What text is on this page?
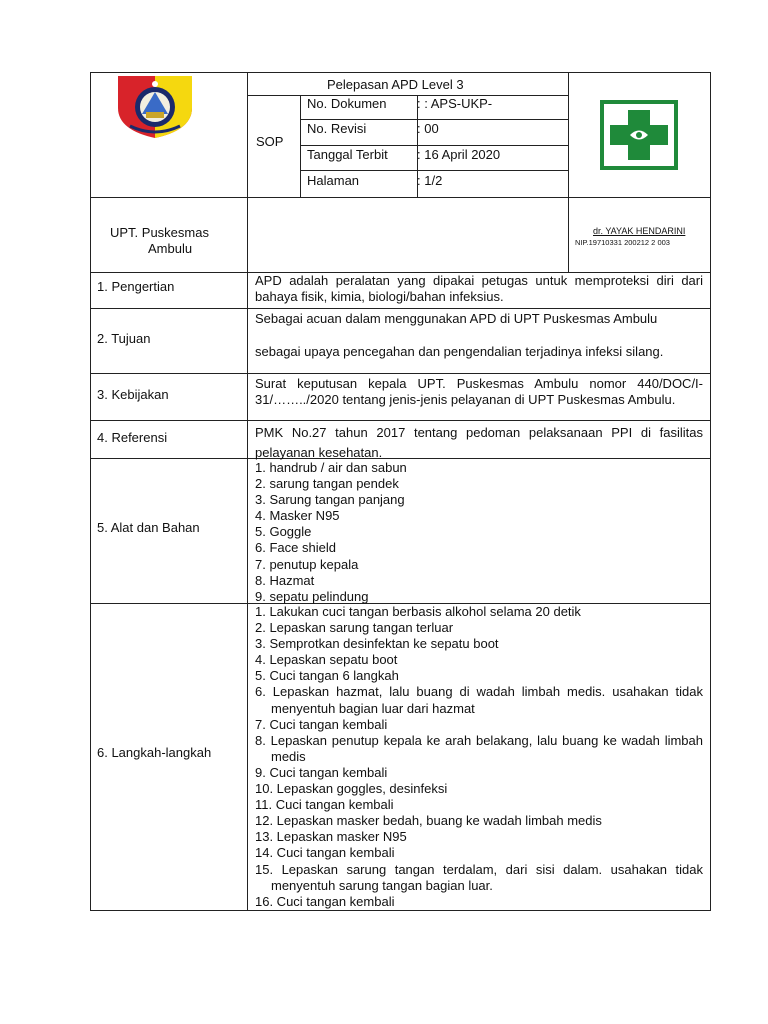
Pelepasan APD Level 3
SOP
No. Dokumen : : APS-UKP-
No. Revisi	: 00
Tanggal Terbit : 16 April 2020
Halaman	: 1/2
UPT. Puskesmas
Ambulu
dr. YAYAK HENDARINI
NIP.19710331 200212 2 003
1. Pengertian
2. Tujuan
3. Kebijakan
4. Referensi
5. Alat dan Bahan
6. Langkah-langkah
APD adalah peralatan yang dipakai petugas untuk memproteksi diri dari bahaya fisik, kimia, biologi/bahan infeksius.
Sebagai acuan dalam menggunakan APD di UPT Puskesmas Ambulu
sebagai upaya pencegahan dan pengendalian terjadinya infeksi silang.
Surat keputusan kepala UPT. Puskesmas Ambulu nomor 440/DOC/I-31/……../2020 tentang jenis-jenis pelayanan di UPT Puskesmas Ambulu.
PMK No.27 tahun 2017 tentang pedoman pelaksanaan PPI di fasilitas pelayanan kesehatan.
1. handrub / air dan sabun
2. sarung tangan pendek
3. Sarung tangan panjang
4. Masker N95
5. Goggle
6. Face shield
7. penutup kepala
8. Hazmat
9. sepatu pelindung
1. Lakukan cuci tangan berbasis alkohol selama 20 detik
2. Lepaskan sarung tangan terluar
3. Semprotkan desinfektan ke sepatu boot
4. Lepaskan sepatu boot
5. Cuci tangan 6 langkah
6. Lepaskan hazmat, lalu buang di wadah limbah medis. usahakan tidak menyentuh bagian luar dari hazmat
7. Cuci tangan kembali
8. Lepaskan penutup kepala ke arah belakang, lalu buang ke wadah limbah medis
9. Cuci tangan kembali
10. Lepaskan goggles, desinfeksi
11. Cuci tangan kembali
12. Lepaskan masker bedah, buang ke wadah limbah medis
13. Lepaskan masker N95
14. Cuci tangan kembali
15. Lepaskan sarung tangan terdalam, dari sisi dalam. usahakan tidak menyentuh sarung tangan bagian luar.
16. Cuci tangan kembali
